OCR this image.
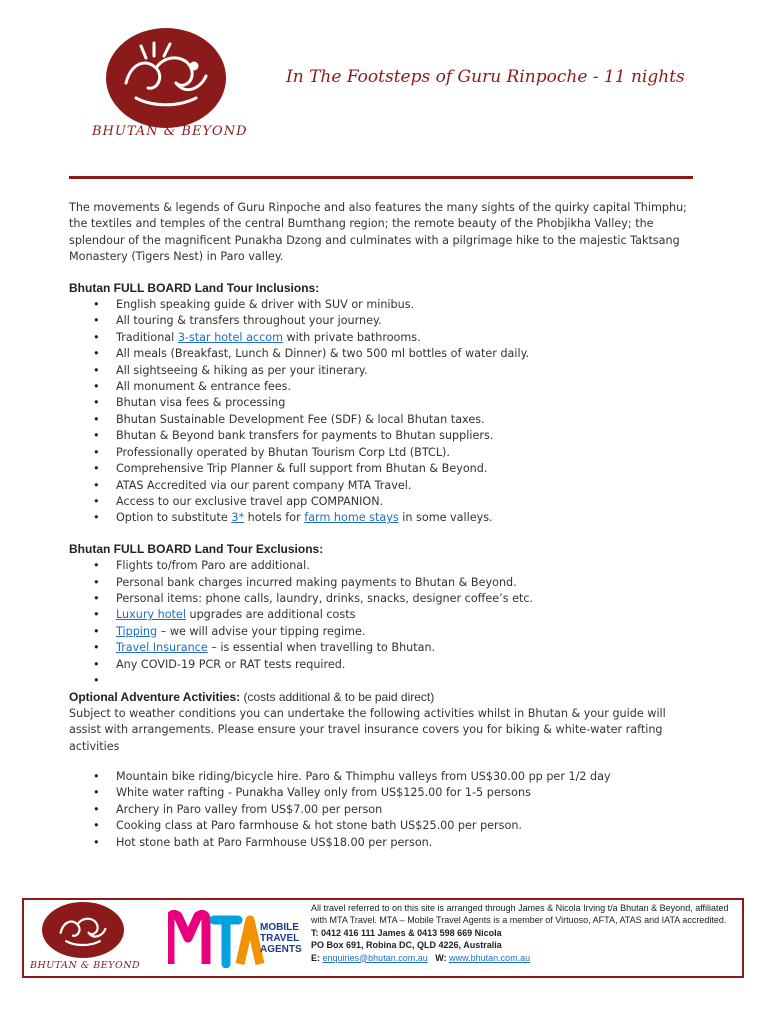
BHUTAN & BEYOND
In The Footsteps of Guru Rinpoche - 11 nights

The movements & legends of Guru Rinpoche and also features the many sights of the quirky capital Thimphu; the textiles and temples of the central Bumthang region; the remote beauty of the Phobjikha Valley; the splendour of the magnificent Punakha Dzong and culminates with a pilgrimage hike to the majestic Taktsang Monastery (Tigers Nest) in Paro valley.

Bhutan FULL BOARD Land Tour Inclusions:
• English speaking guide & driver with SUV or minibus.
• All touring & transfers throughout your journey.
• Traditional 3-star hotel accom with private bathrooms.
• All meals (Breakfast, Lunch & Dinner) & two 500 ml bottles of water daily.
• All sightseeing & hiking as per your itinerary.
• All monument & entrance fees.
• Bhutan visa fees & processing
• Bhutan Sustainable Development Fee (SDF) & local Bhutan taxes.
• Bhutan & Beyond bank transfers for payments to Bhutan suppliers.
• Professionally operated by Bhutan Tourism Corp Ltd (BTCL).
• Comprehensive Trip Planner & full support from Bhutan & Beyond.
• ATAS Accredited via our parent company MTA Travel.
• Access to our exclusive travel app COMPANION.
• Option to substitute 3* hotels for farm home stays in some valleys.
Bhutan FULL BOARD Land Tour Exclusions:
• Flights to/from Paro are additional.
• Personal bank charges incurred making payments to Bhutan & Beyond.
• Personal items: phone calls, laundry, drinks, snacks, designer coffee’s etc.
• Luxury hotel upgrades are additional costs
• Tipping – we will advise your tipping regime.
• Travel Insurance – is essential when travelling to Bhutan.
• Any COVID-19 PCR or RAT tests required.
•

Optional Adventure Activities: (costs additional & to be paid direct)

Subject to weather conditions you can undertake the following activities whilst in Bhutan & your guide will assist with arrangements. Please ensure your travel insurance covers you for biking & white-water rafting activities

• Mountain bike riding/bicycle hire. Paro & Thimphu valleys from US$30.00 pp per 1/2 day
• White water rafting - Punakha Valley only from US$125.00 for 1-5 persons
• Archery in Paro valley from US$7.00 per person
• Cooking class at Paro farmhouse & hot stone bath US$25.00 per person.
• Hot stone bath at Paro Farmhouse US$18.00 per person.
BHUTAN & BEYOND
MOBILE
TRAVEL
AGENTS
All travel referred to on this site is arranged through James & Nicola Irving t/a Bhutan & Beyond, affiliated with MTA Travel. MTA – Mobile Travel Agents is a member of Virtuoso, AFTA, ATAS and IATA accredited.
T: 0412 416 111 James & 0413 598 669 Nicola
PO Box 691, Robina DC, QLD 4226, Australia
E: enquiries@bhutan.com.au W: www.bhutan.com.au
